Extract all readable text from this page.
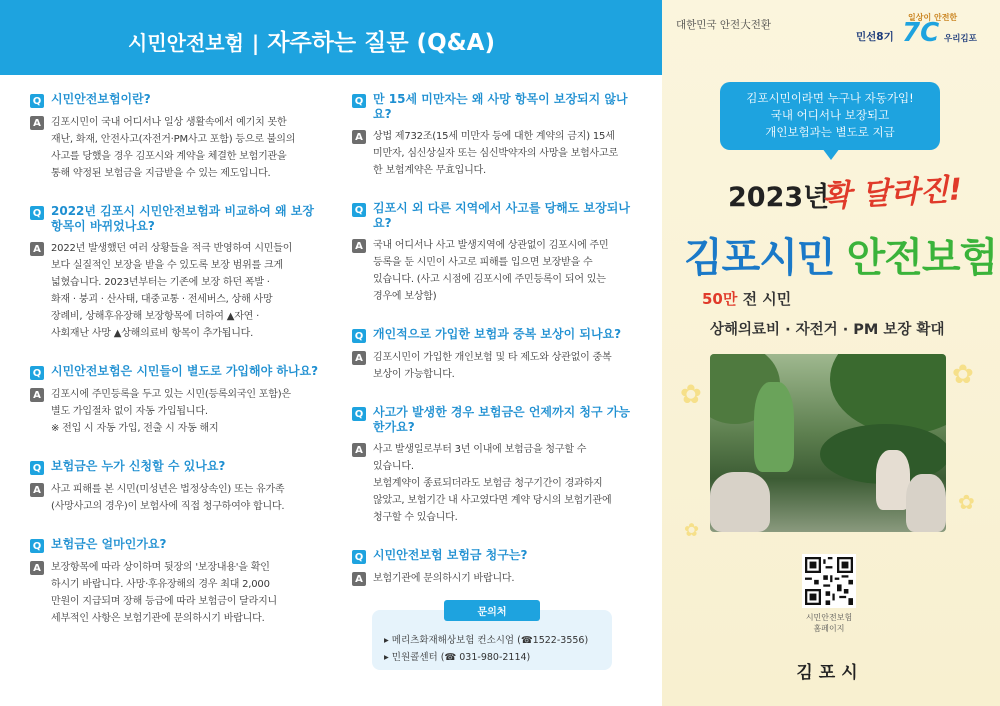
시민안전보험 | 자주하는 질문 (Q&A)
Q 시민안전보험이란?
A	김포시민이 국내 어디서나 일상 생활속에서 예기치 못한
재난, 화재, 안전사고(자전거·PM사고 포함) 등으로 불의의
사고를 당했을 경우 김포시와 계약을 체결한 보험기관을
통해 약정된 보험금을 지급받을 수 있는 제도입니다.
Q 2022년 김포시 시민안전보험과 비교하여 왜 보장
항목이 바뀌었나요?
A	2022년 발생했던 여러 상황들을 적극 반영하여 시민들이
보다 실질적인 보장을 받을 수 있도록 보장 범위를 크게
넓혔습니다. 2023년부터는 기존에 보장 하던 폭발 ·
화재 · 붕괴 · 산사태, 대중교통 · 전세버스, 상해 사망
장례비, 상해후유장해 보장항목에 더하여 ▲자연 ·
사회재난 사망 ▲상해의료비 항목이 추가됩니다.
Q 시민안전보험은 시민들이 별도로 가입해야 하나요?
A	김포시에 주민등록을 두고 있는 시민(등록외국인 포함)은
별도 가입절차 없이 자동 가입됩니다.
※ 전입 시 자동 가입, 전출 시 자동 해지
Q 보험금은 누가 신청할 수 있나요?
A	사고 피해를 본 시민(미성년은 법정상속인) 또는 유가족
(사망사고의 경우)이 보험사에 직접 청구하여야 합니다.
Q 보험금은 얼마인가요?
A	보장항목에 따라 상이하며 뒷장의 '보장내용'을 확인
하시기 바랍니다. 사망·후유장해의 경우 최대 2,000
만원이 지급되며 장해 등급에 따라 보험금이 달라지니
세부적인 사항은 보험기관에 문의하시기 바랍니다.
Q 만 15세 미만자는 왜 사망 항목이 보장되지 않나요?
A	상법 제732조(15세 미만자 등에 대한 계약의 금지) 15세
미만자, 심신상실자 또는 심신박약자의 사망을 보험사고로
한 보험계약은 무효입니다.
Q 김포시 외 다른 지역에서 사고를 당해도 보장되나요?
A	국내 어디서나 사고 발생지역에 상관없이 김포시에 주민
등록을 둔 시민이 사고로 피해를 입으면 보장받을 수
있습니다. (사고 시점에 김포시에 주민등록이 되어 있는
경우에 보상함)
Q 개인적으로 가입한 보험과 중복 보상이 되나요?
A	김포시민이 가입한 개인보험 및 타 제도와 상관없이 중복
보상이 가능합니다.
Q 사고가 발생한 경우 보험금은 언제까지 청구 가능
한가요?
A	사고 발생일로부터 3년 이내에 보험금을 청구할 수
있습니다.
보험계약이 종료되더라도 보험금 청구기간이 경과하지
않았고, 보험기간 내 사고였다면 계약 당시의 보험기관에
청구할 수 있습니다.
Q 시민안전보험 보험금 청구는?
A	보험기관에 문의하시기 바랍니다.
문의처
▸ 메리츠화재해상보험 컨소시엄 (☎1522-3556)
▸ 민원콜센터 (☎ 031-980-2114)
대한민국 안전大전환
일상이 안전한
민선8기 7C 우리김포
김포시민이라면 누구나 자동가입!
국내 어디서나 보장되고
개인보험과는 별도로 지급
2023년
확 달라진!
김포시민 안전보험
50만 전 시민
상해의료비 · 자전거 · PM 보장 확대
✿
✿
✿
✿
시민안전보험
홈페이지
김포시
